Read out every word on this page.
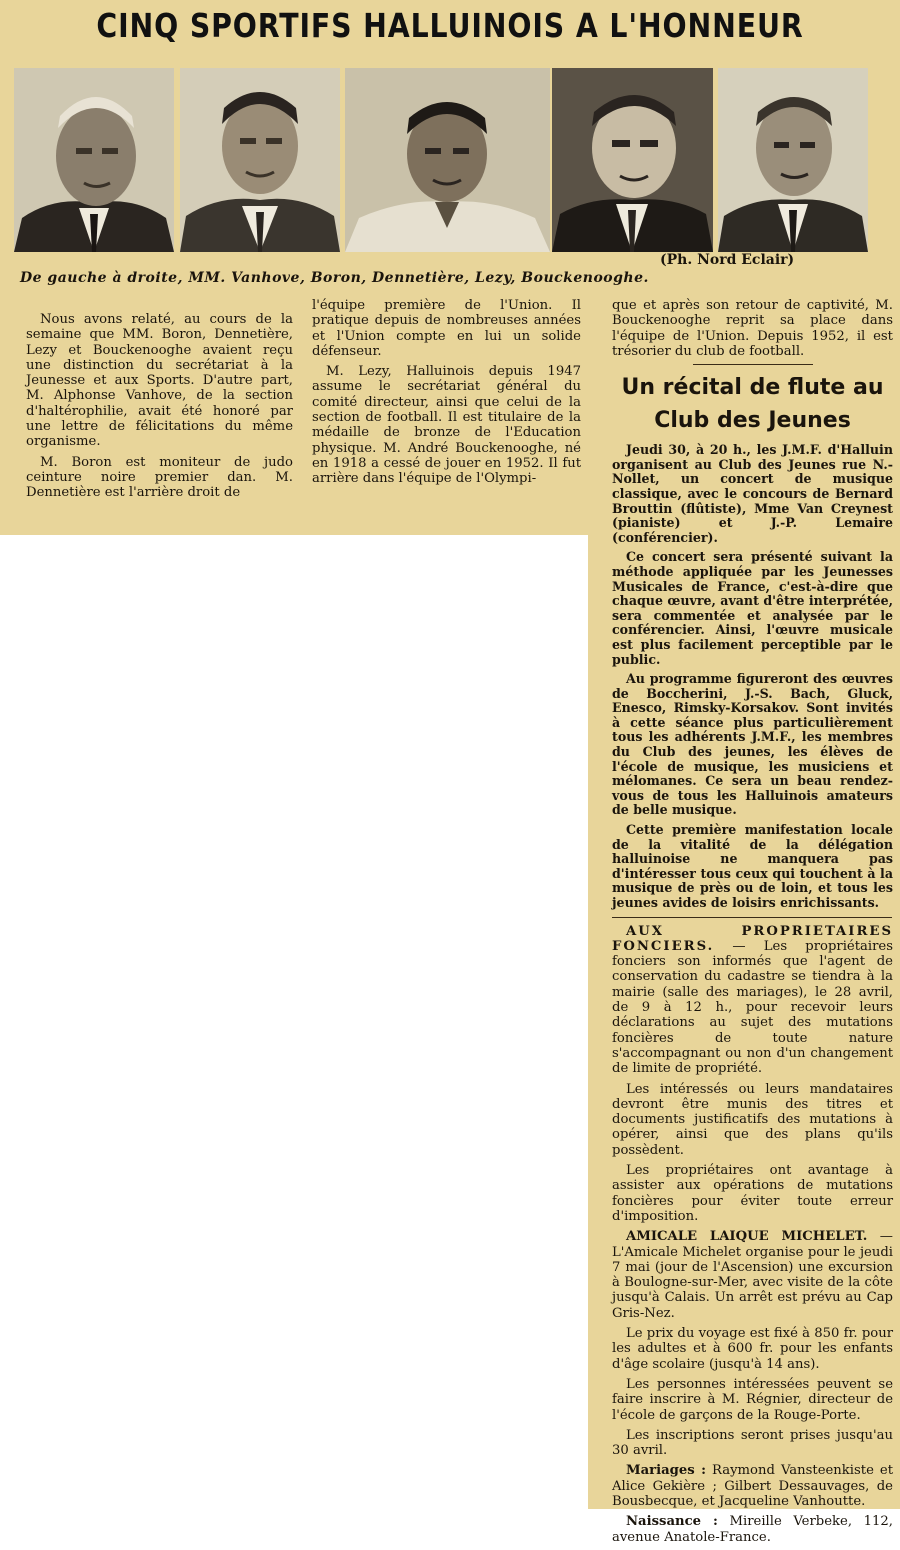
CINQ SPORTIFS HALLUINOIS A L'HONNEUR
(Ph. Nord Eclair)
De gauche à droite, MM. Vanhove, Boron, Dennetière, Lezy, Bouckenooghe.

Nous avons relaté, au cours de la semaine que MM. Boron, Dennetière, Lezy et Bouckenooghe avaient reçu une distinction du secrétariat à la Jeunesse et aux Sports. D'autre part, M. Alphonse Vanhove, de la section d'haltérophilie, avait été honoré par une lettre de félicitations du même organisme.

M. Boron est moniteur de judo ceinture noire premier dan. M. Dennetière est l'arrière droit de

l'équipe première de l'Union. Il pratique depuis de nombreuses années et l'Union compte en lui un solide défenseur.

M. Lezy, Halluinois depuis 1947 assume le secrétariat général du comité directeur, ainsi que celui de la section de football. Il est titulaire de la médaille de bronze de l'Education physique. M. André Bouckenooghe, né en 1918 a cessé de jouer en 1952. Il fut arrière dans l'équipe de l'Olympi-

que et après son retour de captivité, M. Bouckenooghe reprit sa place dans l'équipe de l'Union. Depuis 1952, il est trésorier du club de football.

Un récital de flute au Club des Jeunes

Jeudi 30, à 20 h., les J.M.F. d'Halluin organisent au Club des Jeunes rue N.-Nollet, un concert de musique classique, avec le concours de Bernard Brouttin (flûtiste), Mme Van Creynest (pianiste) et J.-P. Lemaire (conférencier).

Ce concert sera présenté suivant la méthode appliquée par les Jeunesses Musicales de France, c'est-à-dire que chaque œuvre, avant d'être interprétée, sera commentée et analysée par le conférencier. Ainsi, l'œuvre musicale est plus facilement perceptible par le public.

Au programme figureront des œuvres de Boccherini, J.-S. Bach, Gluck, Enesco, Rimsky-Korsakov. Sont invités à cette séance plus particulièrement tous les adhérents J.M.F., les membres du Club des jeunes, les élèves de l'école de musique, les musiciens et mélomanes. Ce sera un beau rendez-vous de tous les Halluinois amateurs de belle musique.

Cette première manifestation locale de la vitalité de la délégation halluinoise ne manquera pas d'intéresser tous ceux qui touchent à la musique de près ou de loin, et tous les jeunes avides de loisirs enrichissants.

AUX PROPRIETAIRES FONCIERS. — Les propriétaires fonciers son informés que l'agent de conservation du cadastre se tiendra à la mairie (salle des mariages), le 28 avril, de 9 à 12 h., pour recevoir leurs déclarations au sujet des mutations foncières de toute nature s'accompagnant ou non d'un changement de limite de propriété.

Les intéressés ou leurs mandataires devront être munis des titres et documents justificatifs des mutations à opérer, ainsi que des plans qu'ils possèdent.

Les propriétaires ont avantage à assister aux opérations de mutations foncières pour éviter toute erreur d'imposition.

AMICALE LAIQUE MICHELET. — L'Amicale Michelet organise pour le jeudi 7 mai (jour de l'Ascension) une excursion à Boulogne-sur-Mer, avec visite de la côte jusqu'à Calais. Un arrêt est prévu au Cap Gris-Nez.

Le prix du voyage est fixé à 850 fr. pour les adultes et à 600 fr. pour les enfants d'âge scolaire (jusqu'à 14 ans).

Les personnes intéressées peuvent se faire inscrire à M. Régnier, directeur de l'école de garçons de la Rouge-Porte.

Les inscriptions seront prises jusqu'au 30 avril.

Mariages : Raymond Vansteenkiste et Alice Gekière ; Gilbert Dessauvages, de Bousbecque, et Jacqueline Vanhoutte.

Naissance : Mireille Verbeke, 112, avenue Anatole-France.
